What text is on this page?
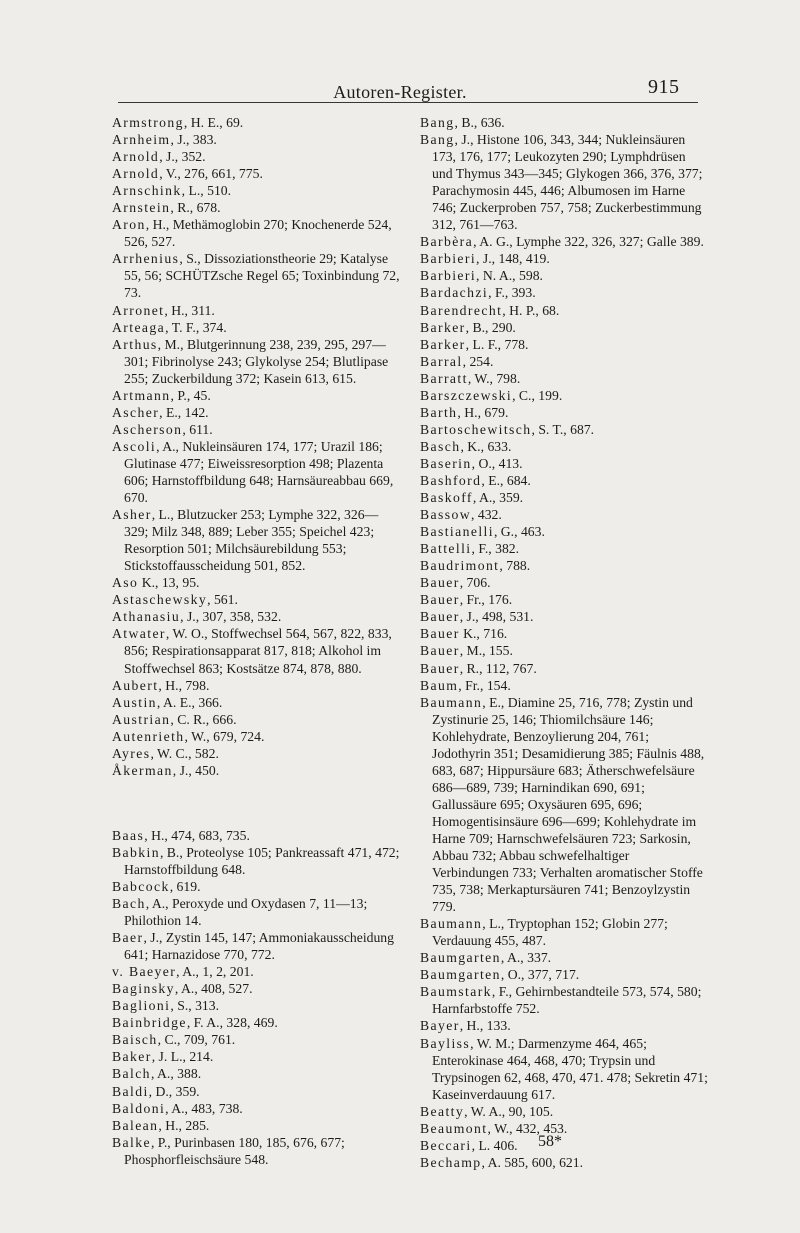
Autoren-Register.	915
Armstrong, H. E., 69.
Arnheim, J., 383.
Arnold, J., 352.
Arnold, V., 276, 661, 775.
Arnschink, L., 510.
Arnstein, R., 678.
Aron, H., Methämoglobin 270; Knochenerde 524, 526, 527.
Arrhenius, S., Dissoziationstheorie 29; Katalyse 55, 56; SCHÜTZsche Regel 65; Toxinbindung 72, 73.
Arronet, H., 311.
Arteaga, T. F., 374.
Arthus, M., Blutgerinnung 238, 239, 295, 297—301; Fibrinolyse 243; Glykolyse 254; Blutlipase 255; Zuckerbildung 372; Kasein 613, 615.
Artmann, P., 45.
Ascher, E., 142.
Ascherson, 611.
Ascoli, A., Nukleinsäuren 174, 177; Urazil 186; Glutinase 477; Eiweissresorption 498; Plazenta 606; Harnstoffbildung 648; Harnsäureabbau 669, 670.
Asher, L., Blutzucker 253; Lymphe 322, 326—329; Milz 348, 889; Leber 355; Speichel 423; Resorption 501; Milchsäurebildung 553; Stickstoffausscheidung 501, 852.
Aso K., 13, 95.
Astaschewsky, 561.
Athanasiu, J., 307, 358, 532.
Atwater, W. O., Stoffwechsel 564, 567, 822, 833, 856; Respirationsapparat 817, 818; Alkohol im Stoffwechsel 863; Kostsätze 874, 878, 880.
Aubert, H., 798.
Austin, A. E., 366.
Austrian, C. R., 666.
Autenrieth, W., 679, 724.
Ayres, W. C., 582.
Åkerman, J., 450.
Baas, H., 474, 683, 735.
Babkin, B., Proteolyse 105; Pankreassaft 471, 472; Harnstoffbildung 648.
Babcock, 619.
Bach, A., Peroxyde und Oxydasen 7, 11—13; Philothion 14.
Baer, J., Zystin 145, 147; Ammoniakausscheidung 641; Harnazidose 770, 772.
v. Baeyer, A., 1, 2, 201.
Baginsky, A., 408, 527.
Baglioni, S., 313.
Bainbridge, F. A., 328, 469.
Baisch, C., 709, 761.
Baker, J. L., 214.
Balch, A., 388.
Baldi, D., 359.
Baldoni, A., 483, 738.
Balean, H., 285.
Balke, P., Purinbasen 180, 185, 676, 677; Phosphorfleischsäure 548.
Bang, B., 636.
Bang, J., Histone 106, 343, 344; Nukleinsäuren 173, 176, 177; Leukozyten 290; Lymphdrüsen und Thymus 343—345; Glykogen 366, 376, 377; Parachymosin 445, 446; Albumosen im Harne 746; Zuckerproben 757, 758; Zuckerbestimmung 312, 761—763.
Barbèra, A. G., Lymphe 322, 326, 327; Galle 389.
Barbieri, J., 148, 419.
Barbieri, N. A., 598.
Bardachzi, F., 393.
Barendrecht, H. P., 68.
Barker, B., 290.
Barker, L. F., 778.
Barral, 254.
Barratt, W., 798.
Barszczewski, C., 199.
Barth, H., 679.
Bartoschewitsch, S. T., 687.
Basch, K., 633.
Baserin, O., 413.
Bashford, E., 684.
Baskoff, A., 359.
Bassow, 432.
Bastianelli, G., 463.
Battelli, F., 382.
Baudrimont, 788.
Bauer, 706.
Bauer, Fr., 176.
Bauer, J., 498, 531.
Bauer K., 716.
Bauer, M., 155.
Bauer, R., 112, 767.
Baum, Fr., 154.
Baumann, E., Diamine 25, 716, 778; Zystin und Zystinurie 25, 146; Thiomilchsäure 146; Kohlehydrate, Benzoylierung 204, 761; Jodothyrin 351; Desamidierung 385; Fäulnis 488, 683, 687; Hippursäure 683; Ätherschwefelsäure 686—689, 739; Harnindikan 690, 691; Gallussäure 695; Oxysäuren 695, 696; Homogentisinsäure 696—699; Kohlehydrate im Harne 709; Harnschwefelsäuren 723; Sarkosin, Abbau 732; Abbau schwefelhaltiger Verbindungen 733; Verhalten aromatischer Stoffe 735, 738; Merkaptursäuren 741; Benzoylzystin 779.
Baumann, L., Tryptophan 152; Globin 277; Verdauung 455, 487.
Baumgarten, A., 337.
Baumgarten, O., 377, 717.
Baumstark, F., Gehirnbestandteile 573, 574, 580; Harnfarbstoffe 752.
Bayer, H., 133.
Bayliss, W. M.; Darmenzyme 464, 465; Enterokinase 464, 468, 470; Trypsin und Trypsinogen 62, 468, 470, 471. 478; Sekretin 471; Kaseinverdauung 617.
Beatty, W. A., 90, 105.
Beaumont, W., 432, 453.
Beccari, L. 406.
Bechamp, A. 585, 600, 621.
58*
